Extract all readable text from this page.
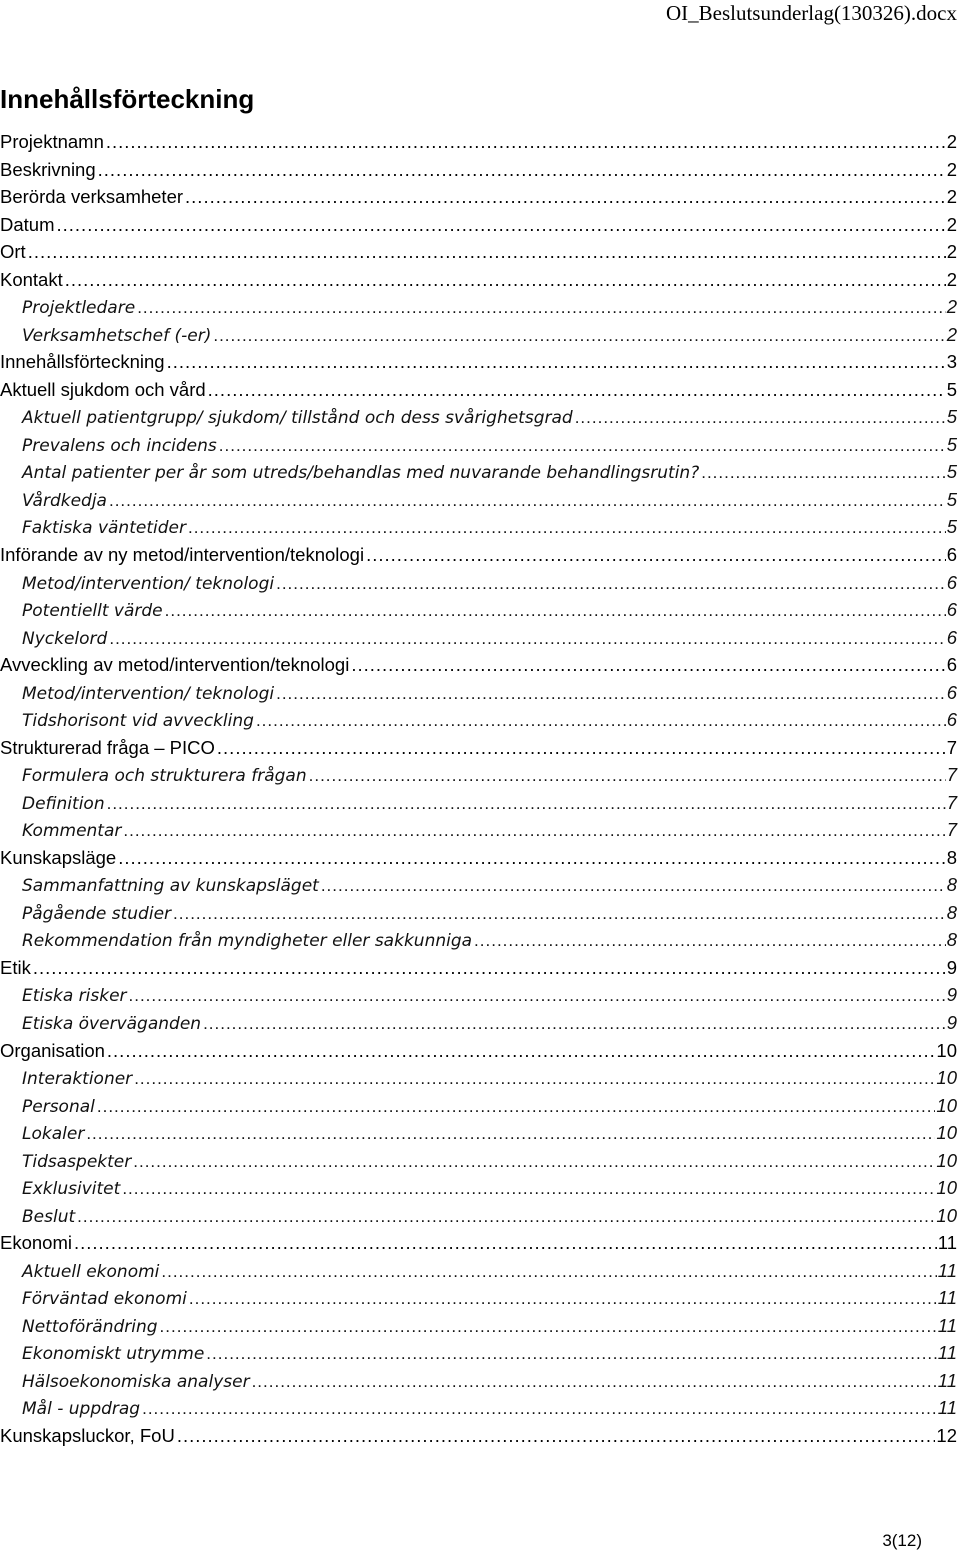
OI_Beslutsunderlag(130326).docx
Innehållsförteckning
Projektnamn .....	2
Beskrivning .....	2
Berörda verksamheter .....	2
Datum .....	2
Ort .....	2
Kontakt .....	2
Projektledare .....	2
Verksamhetschef (-er) .....	2
Innehållsförteckning .....	3
Aktuell sjukdom och vård .....	5
Aktuell patientgrupp/ sjukdom/ tillstånd och dess svårighetsgrad .....	5
Prevalens och incidens .....	5
Antal patienter per år som utreds/behandlas med nuvarande behandlingsrutin? .....	5
Vårdkedja .....	5
Faktiska väntetider .....	5
Införande av ny metod/intervention/teknologi .....	6
Metod/intervention/ teknologi .....	6
Potentiellt värde .....	6
Nyckelord .....	6
Avveckling av metod/intervention/teknologi .....	6
Metod/intervention/ teknologi .....	6
Tidshorisont vid avveckling .....	6
Strukturerad fråga – PICO .....	7
Formulera och strukturera frågan .....	7
Definition .....	7
Kommentar .....	7
Kunskapsläge .....	8
Sammanfattning av kunskapsläget .....	8
Pågående studier .....	8
Rekommendation från myndigheter eller sakkunniga .....	8
Etik .....	9
Etiska risker .....	9
Etiska överväganden .....	9
Organisation .....	10
Interaktioner .....	10
Personal .....	10
Lokaler .....	10
Tidsaspekter .....	10
Exklusivitet .....	10
Beslut .....	10
Ekonomi .....	11
Aktuell ekonomi .....	11
Förväntad ekonomi .....	11
Nettoförändring .....	11
Ekonomiskt utrymme .....	11
Hälsoekonomiska analyser .....	11
Mål - uppdrag .....	11
Kunskapsluckor, FoU .....	12
3(12)
